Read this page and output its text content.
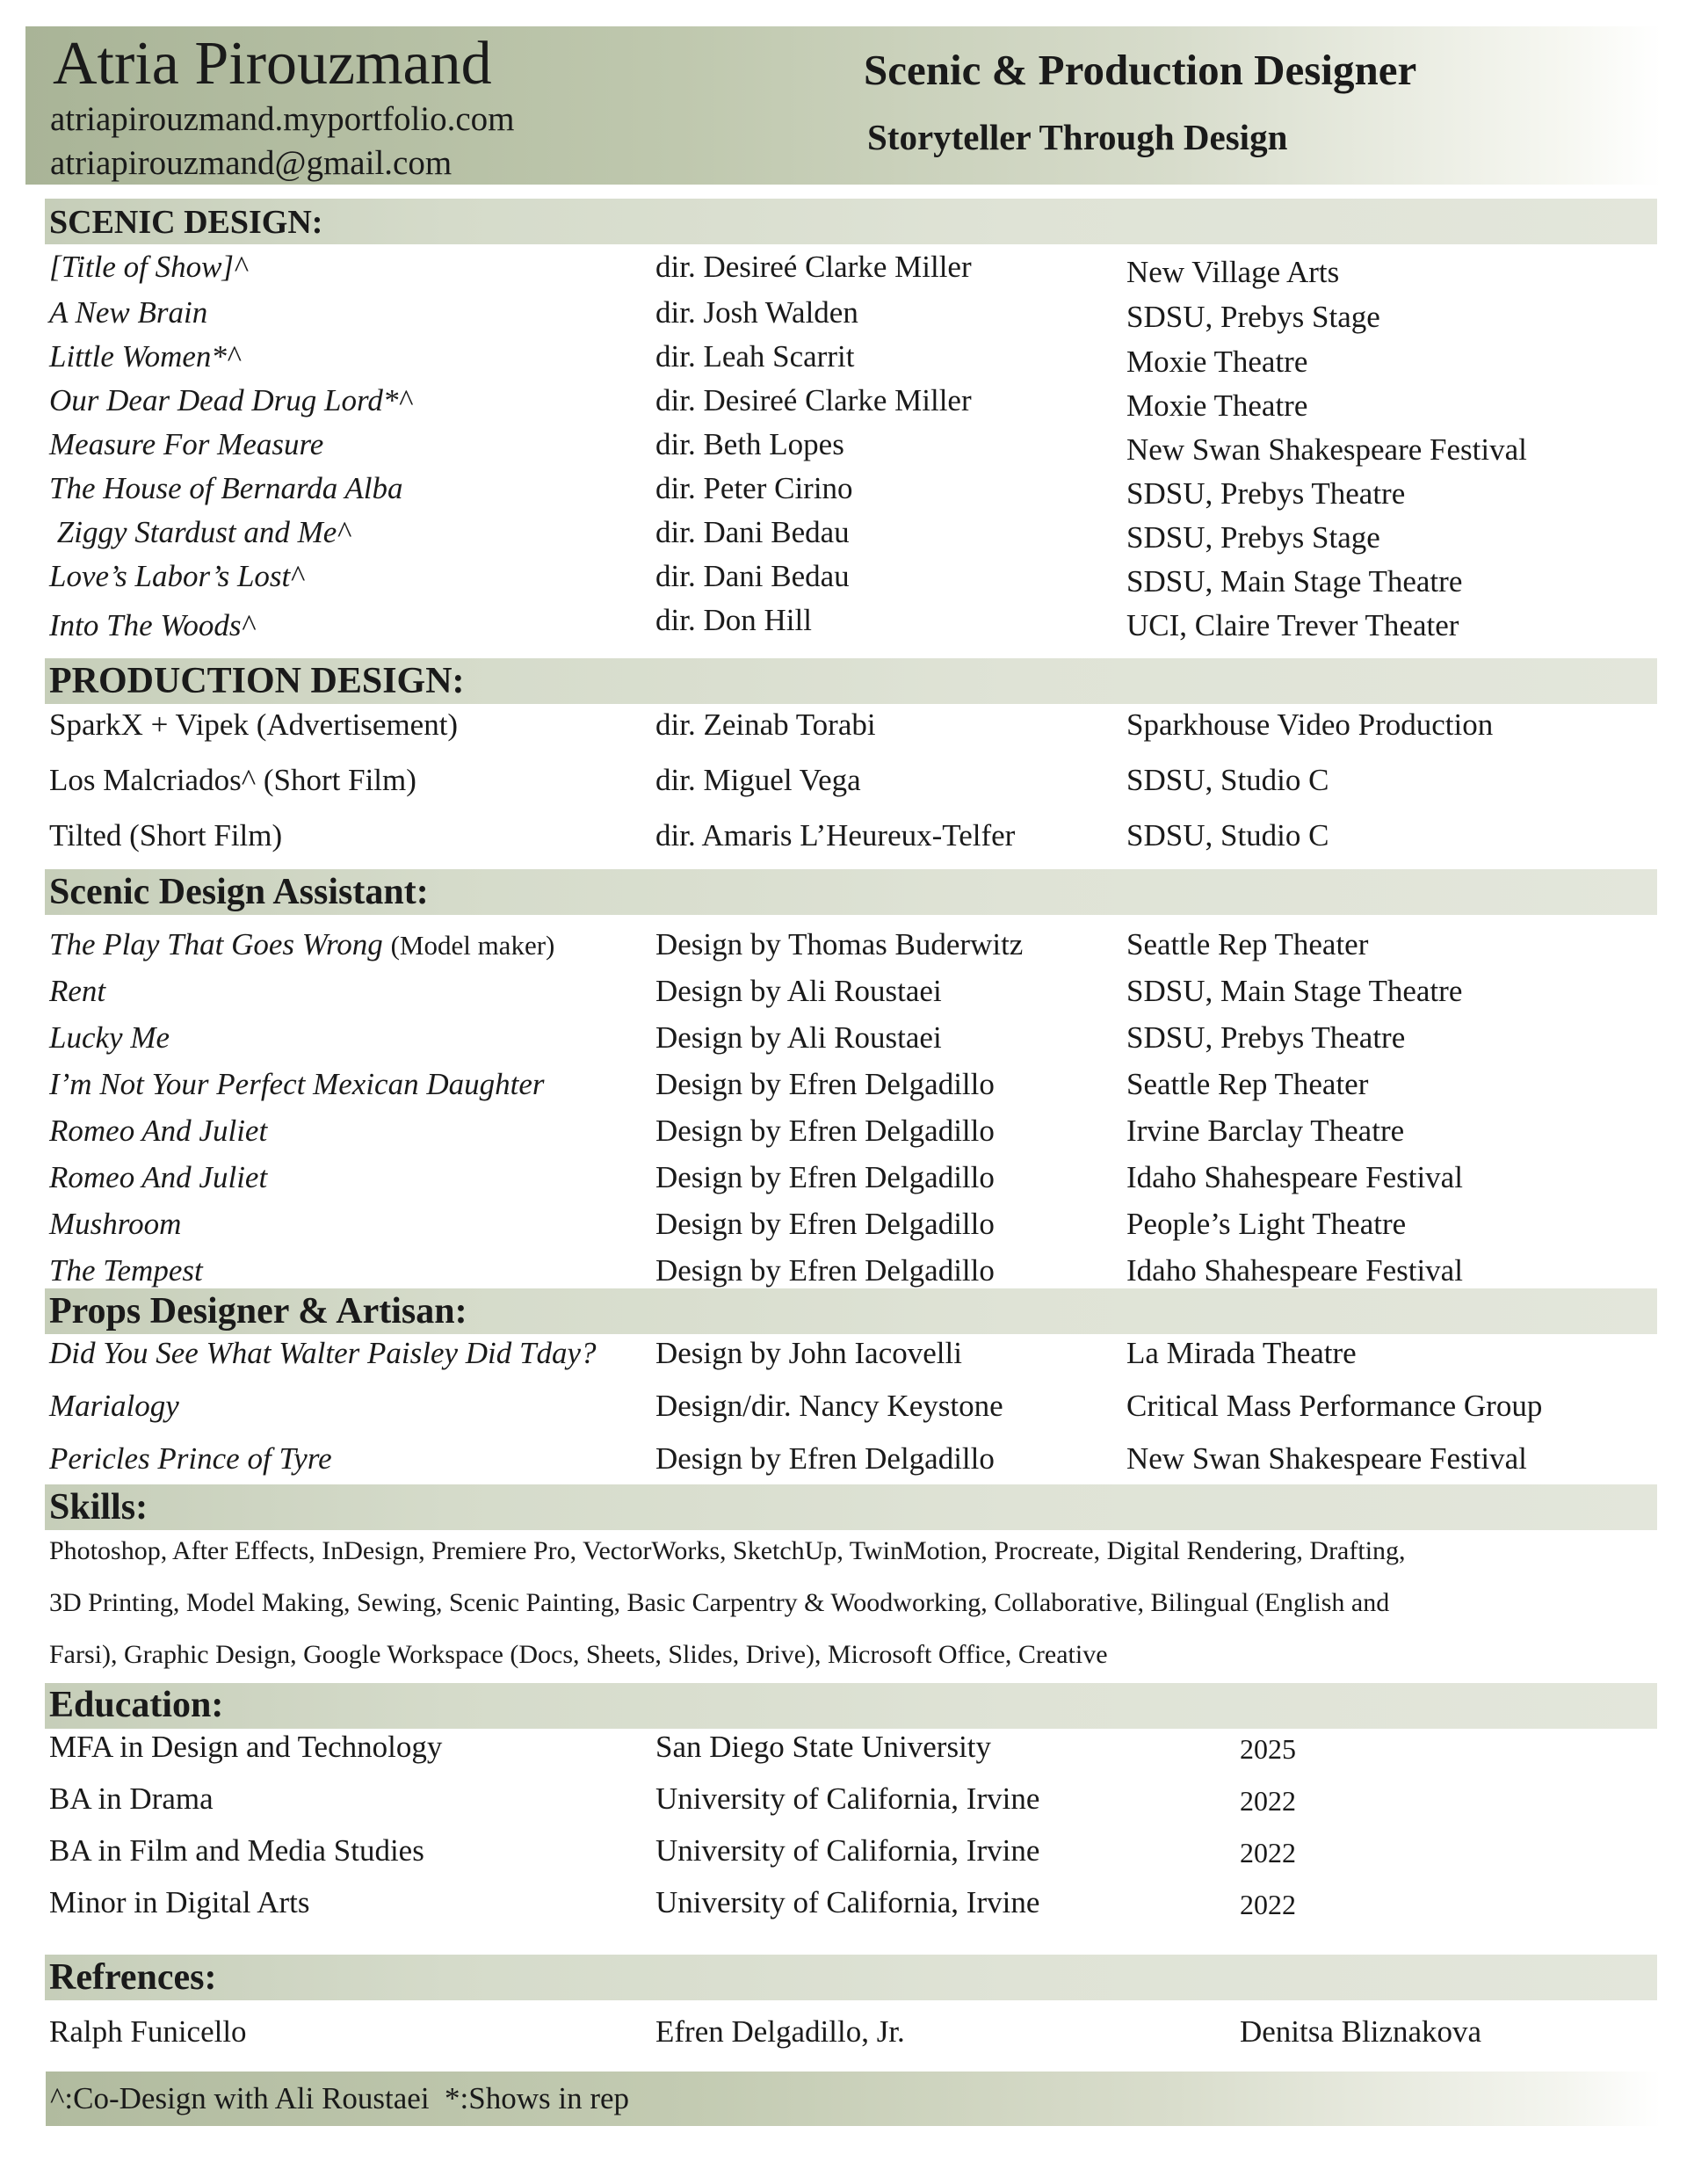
Atria Pirouzmand
atriapirouzmand.myportfolio.com
atriapirouzmand@gmail.com
Scenic & Production Designer
Storyteller Through Design
SCENIC DESIGN:
[Title of Show]^	dir. Desireé Clarke Miller	New Village Arts
A New Brain	dir. Josh Walden	SDSU, Prebys Stage
Little Women*^	dir. Leah Scarrit	Moxie Theatre
Our Dear Dead Drug Lord*^	dir. Desireé Clarke Miller	Moxie Theatre
Measure For Measure	dir. Beth Lopes	New Swan Shakespeare Festival
The House of Bernarda Alba	dir. Peter Cirino	SDSU, Prebys Theatre
Ziggy Stardust and Me^	dir. Dani Bedau	SDSU, Prebys Stage
Love’s Labor’s Lost^	dir. Dani Bedau	SDSU, Main Stage Theatre
Into The Woods^	dir. Don Hill	UCI, Claire Trever Theater
PRODUCTION DESIGN:
SparkX + Vipek (Advertisement)	dir. Zeinab Torabi	Sparkhouse Video Production
Los Malcriados^ (Short Film)	dir. Miguel Vega	SDSU, Studio C
Tilted (Short Film)	dir. Amaris L’Heureux-Telfer	SDSU, Studio C
Scenic Design Assistant:
The Play That Goes Wrong (Model maker)	Design by Thomas Buderwitz	Seattle Rep Theater
Rent	Design by Ali Roustaei	SDSU, Main Stage Theatre
Lucky Me	Design by Ali Roustaei	SDSU, Prebys Theatre
I’m Not Your Perfect Mexican Daughter	Design by Efren Delgadillo	Seattle Rep Theater
Romeo And Juliet	Design by Efren Delgadillo	Irvine Barclay Theatre
Romeo And Juliet	Design by Efren Delgadillo	Idaho Shahespeare Festival
Mushroom	Design by Efren Delgadillo	People’s Light Theatre
The Tempest	Design by Efren Delgadillo	Idaho Shahespeare Festival
Props Designer & Artisan:
Did You See What Walter Paisley Did Tday? Design by John Iacovelli	La Mirada Theatre
Marialogy	Design/dir. Nancy Keystone	Critical Mass Performance Group
Pericles Prince of Tyre	Design by Efren Delgadillo	New Swan Shakespeare Festival
Skills:
Photoshop, After Effects, InDesign, Premiere Pro, VectorWorks, SketchUp, TwinMotion, Procreate, Digital Rendering, Drafting,
3D Printing, Model Making, Sewing, Scenic Painting, Basic Carpentry & Woodworking, Collaborative, Bilingual (English and
Farsi), Graphic Design, Google Workspace (Docs, Sheets, Slides, Drive), Microsoft Office, Creative
Education:
MFA in Design and Technology	San Diego State University	2025
BA in Drama	University of California, Irvine	2022
BA in Film and Media Studies	University of California, Irvine	2022
Minor in Digital Arts	University of California, Irvine	2022
Refrences:
Ralph Funicello	Efren Delgadillo, Jr.	Denitsa Bliznakova
^:Co-Design with Ali Roustaei  *:Shows in rep
